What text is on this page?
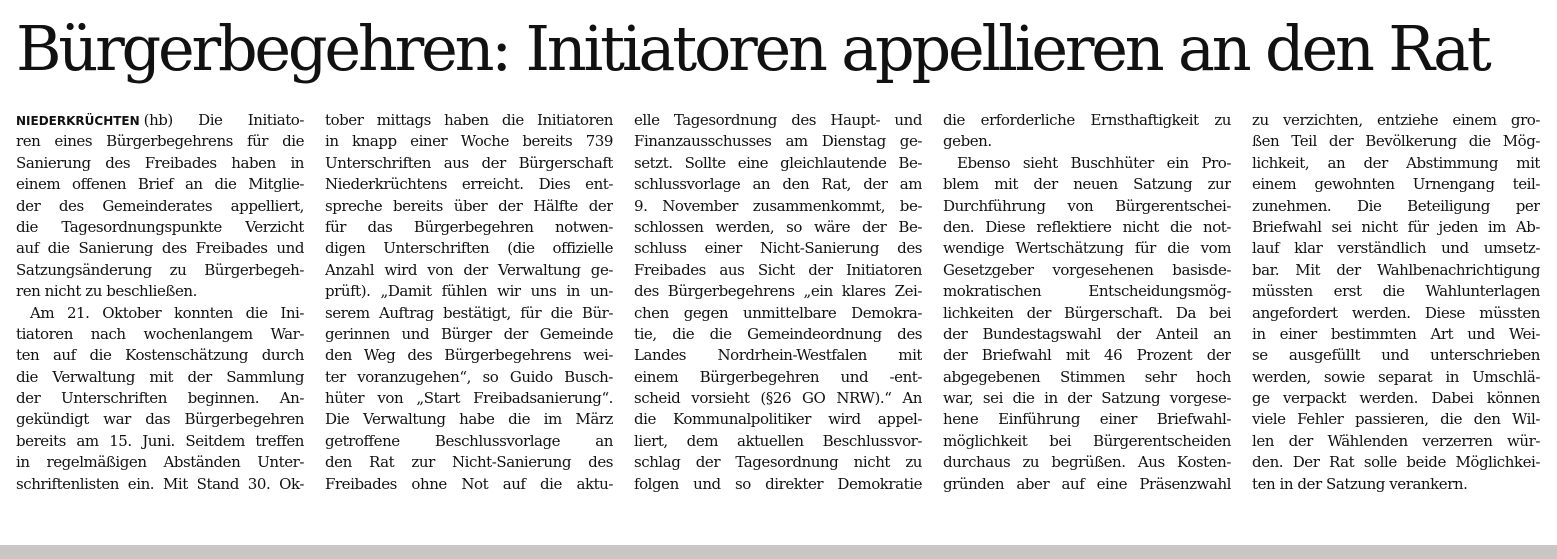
Bürgerbegehren: Initiatoren appellieren an den Rat
NIEDERKRÜCHTEN (hb) Die Initiato-
ren eines Bürgerbegehrens für die
Sanierung des Freibades haben in
einem offenen Brief an die Mitglie-
der des Gemeinderates appelliert,
die Tagesordnungspunkte Verzicht
auf die Sanierung des Freibades und
Satzungsänderung zu Bürgerbegeh-
ren nicht zu beschließen.
Am 21. Oktober konnten die Ini-
tiatoren nach wochenlangem War-
ten auf die Kostenschätzung durch
die Verwaltung mit der Sammlung
der Unterschriften beginnen. An-
gekündigt war das Bürgerbegehren
bereits am 15. Juni. Seitdem treffen
in regelmäßigen Abständen Unter-
schriftenlisten ein. Mit Stand 30. Ok-
tober mittags haben die Initiatoren
in knapp einer Woche bereits 739
Unterschriften aus der Bürgerschaft
Niederkrüchtens erreicht. Dies ent-
spreche bereits über der Hälfte der
für das Bürgerbegehren notwen-
digen Unterschriften (die offizielle
Anzahl wird von der Verwaltung ge-
prüft). „Damit fühlen wir uns in un-
serem Auftrag bestätigt, für die Bür-
gerinnen und Bürger der Gemeinde
den Weg des Bürgerbegehrens wei-
ter voranzugehen“, so Guido Busch-
hüter von „Start Freibadsanierung“.
Die Verwaltung habe die im März
getroffene Beschlussvorlage an
den Rat zur Nicht-Sanierung des
Freibades ohne Not auf die aktu-
elle Tagesordnung des Haupt- und
Finanzausschusses am Dienstag ge-
setzt. Sollte eine gleichlautende Be-
schlussvorlage an den Rat, der am
9. November zusammenkommt, be-
schlossen werden, so wäre der Be-
schluss einer Nicht-Sanierung des
Freibades aus Sicht der Initiatoren
des Bürgerbegehrens „ein klares Zei-
chen gegen unmittelbare Demokra-
tie, die die Gemeindeordnung des
Landes Nordrhein-Westfalen mit
einem Bürgerbegehren und -ent-
scheid vorsieht (§26 GO NRW).“ An
die Kommunalpolitiker wird appel-
liert, dem aktuellen Beschlussvor-
schlag der Tagesordnung nicht zu
folgen und so direkter Demokratie
die erforderliche Ernsthaftigkeit zu
geben.
Ebenso sieht Buschhüter ein Pro-
blem mit der neuen Satzung zur
Durchführung von Bürgerentschei-
den. Diese reflektiere nicht die not-
wendige Wertschätzung für die vom
Gesetzgeber vorgesehenen basisde-
mokratischen Entscheidungsmög-
lichkeiten der Bürgerschaft. Da bei
der Bundestagswahl der Anteil an
der Briefwahl mit 46 Prozent der
abgegebenen Stimmen sehr hoch
war, sei die in der Satzung vorgese-
hene Einführung einer Briefwahl-
möglichkeit bei Bürgerentscheiden
durchaus zu begrüßen. Aus Kosten-
gründen aber auf eine Präsenzwahl
zu verzichten, entziehe einem gro-
ßen Teil der Bevölkerung die Mög-
lichkeit, an der Abstimmung mit
einem gewohnten Urnengang teil-
zunehmen. Die Beteiligung per
Briefwahl sei nicht für jeden im Ab-
lauf klar verständlich und umsetz-
bar. Mit der Wahlbenachrichtigung
müssten erst die Wahlunterlagen
angefordert werden. Diese müssten
in einer bestimmten Art und Wei-
se ausgefüllt und unterschrieben
werden, sowie separat in Umschlä-
ge verpackt werden. Dabei können
viele Fehler passieren, die den Wil-
len der Wählenden verzerren wür-
den. Der Rat solle beide Möglichkei-
ten in der Satzung verankern.
